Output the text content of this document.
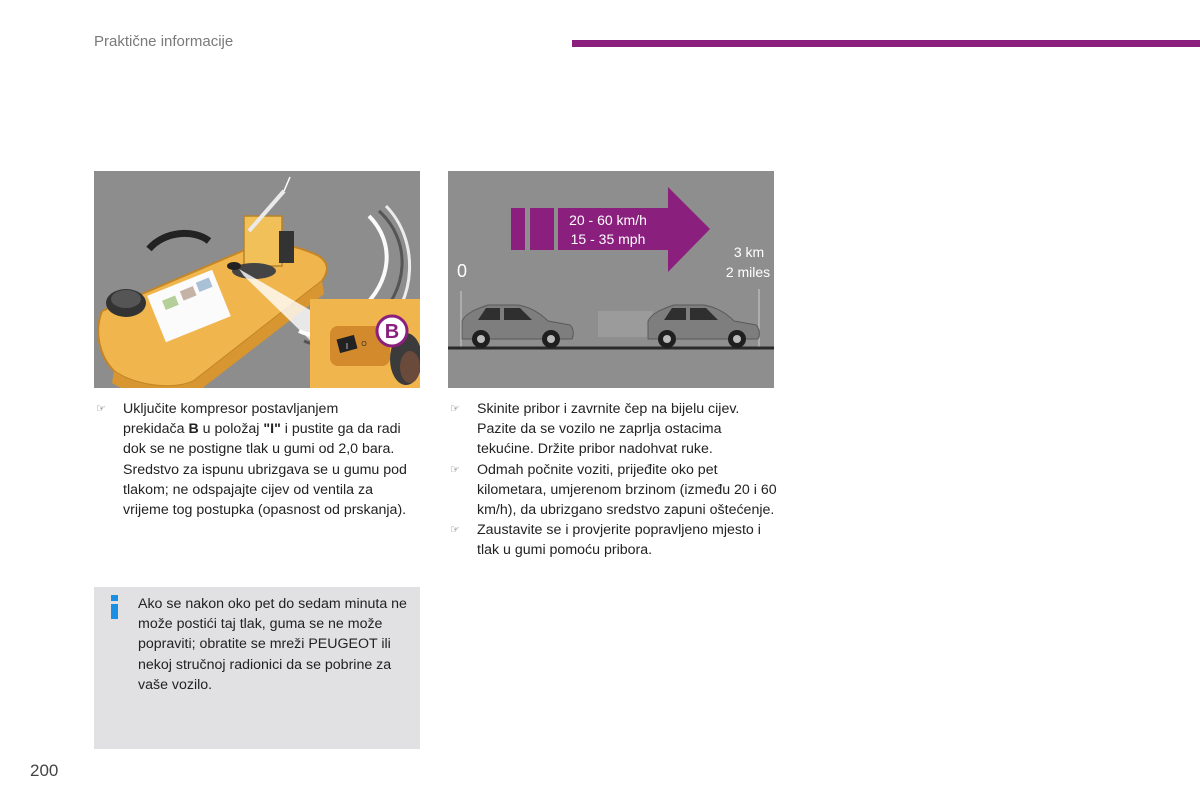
Praktične informacije
I O
B
20 - 60 km/h
15 - 35 mph
0
3 km
2 miles
☞ Uključite kompresor postavljanjem
prekidača B u položaj "I" i pustite ga da radi dok se ne postigne tlak u gumi od 2,0 bara.
Sredstvo za ispunu ubrizgava se u gumu pod tlakom; ne odspajajte cijev od ventila za vrijeme tog postupka (opasnost od prskanja).
Ako se nakon oko pet do sedam minuta ne može postići taj tlak, guma se ne može popraviti; obratite se mreži PEUGEOT ili nekoj stručnoj radionici da se pobrine za vaše vozilo.
☞ Skinite pribor i zavrnite čep na bijelu cijev. Pazite da se vozilo ne zaprlja ostacima tekućine. Držite pribor nadohvat ruke.
☞ Odmah počnite voziti, prijeđite oko pet kilometara, umjerenom brzinom (između 20 i 60 km/h), da ubrizgano sredstvo zapuni oštećenje.
☞ Zaustavite se i provjerite popravljeno mjesto i tlak u gumi pomoću pribora.
200
